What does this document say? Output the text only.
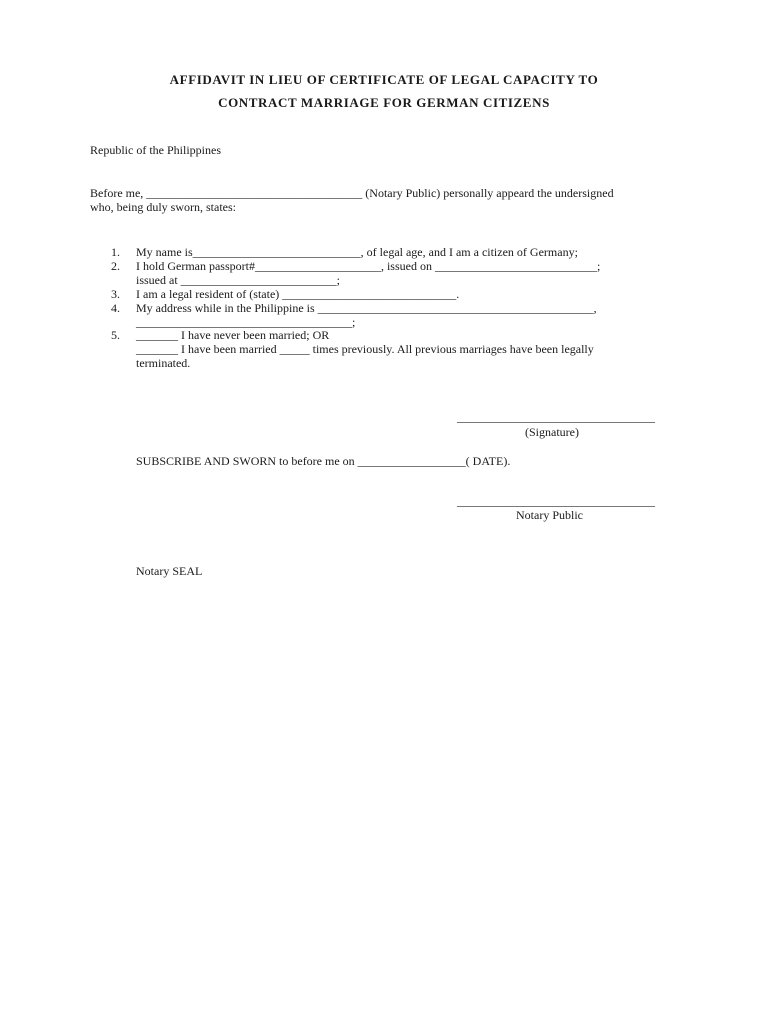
AFFIDAVIT IN LIEU OF CERTIFICATE OF LEGAL CAPACITY TO
CONTRACT MARRIAGE FOR GERMAN CITIZENS
Republic of the Philippines
Before me, ____________________________________ (Notary Public) personally appeard the undersigned
who, being duly sworn, states:
1.	My name is____________________________, of legal age, and I am a citizen of Germany;
2.	I hold German passport#_____________________, issued on ___________________________;
issued at __________________________;
3.	I am a legal resident of (state) _____________________________.
4.	My address while in the Philippine is ______________________________________________,
____________________________________;
5.	_______ I have never been married; OR
_______ I have been married _____ times previously. All previous marriages have been legally
terminated.
_________________________________
(Signature)
SUBSCRIBE AND SWORN to before me on __________________( DATE).
_________________________________
Notary Public
Notary SEAL
